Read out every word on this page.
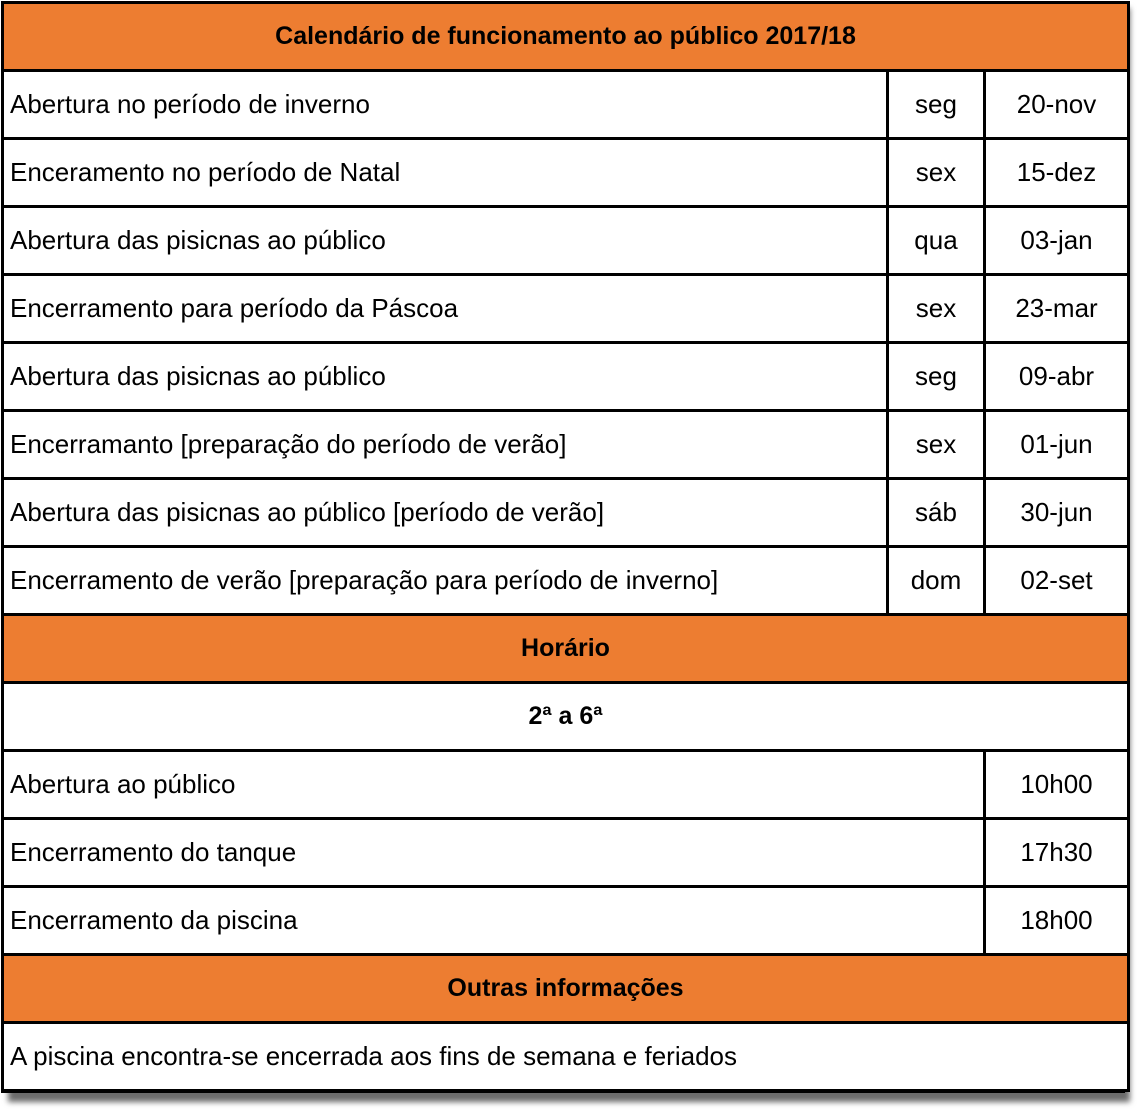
Calendário de funcionamento ao público 2017/18		
Abertura no período de inverno	seg	20-nov
Enceramento no período de Natal	sex	15-dez
Abertura das pisicnas ao público	qua	03-jan
Encerramento para período da Páscoa	sex	23-mar
Abertura das pisicnas ao público	seg	09-abr
Encerramanto [preparação do período de verão]	sex	01-jun
Abertura das pisicnas ao público [período de verão]	sáb	30-jun
Encerramento de verão [preparação para período de inverno]	dom	02-set
Horário		
2ª a 6ª		
Abertura ao público		10h00
Encerramento do tanque		17h30
Encerramento da piscina		18h00
Outras informações		
A piscina encontra-se encerrada aos fins de semana e feriados		
